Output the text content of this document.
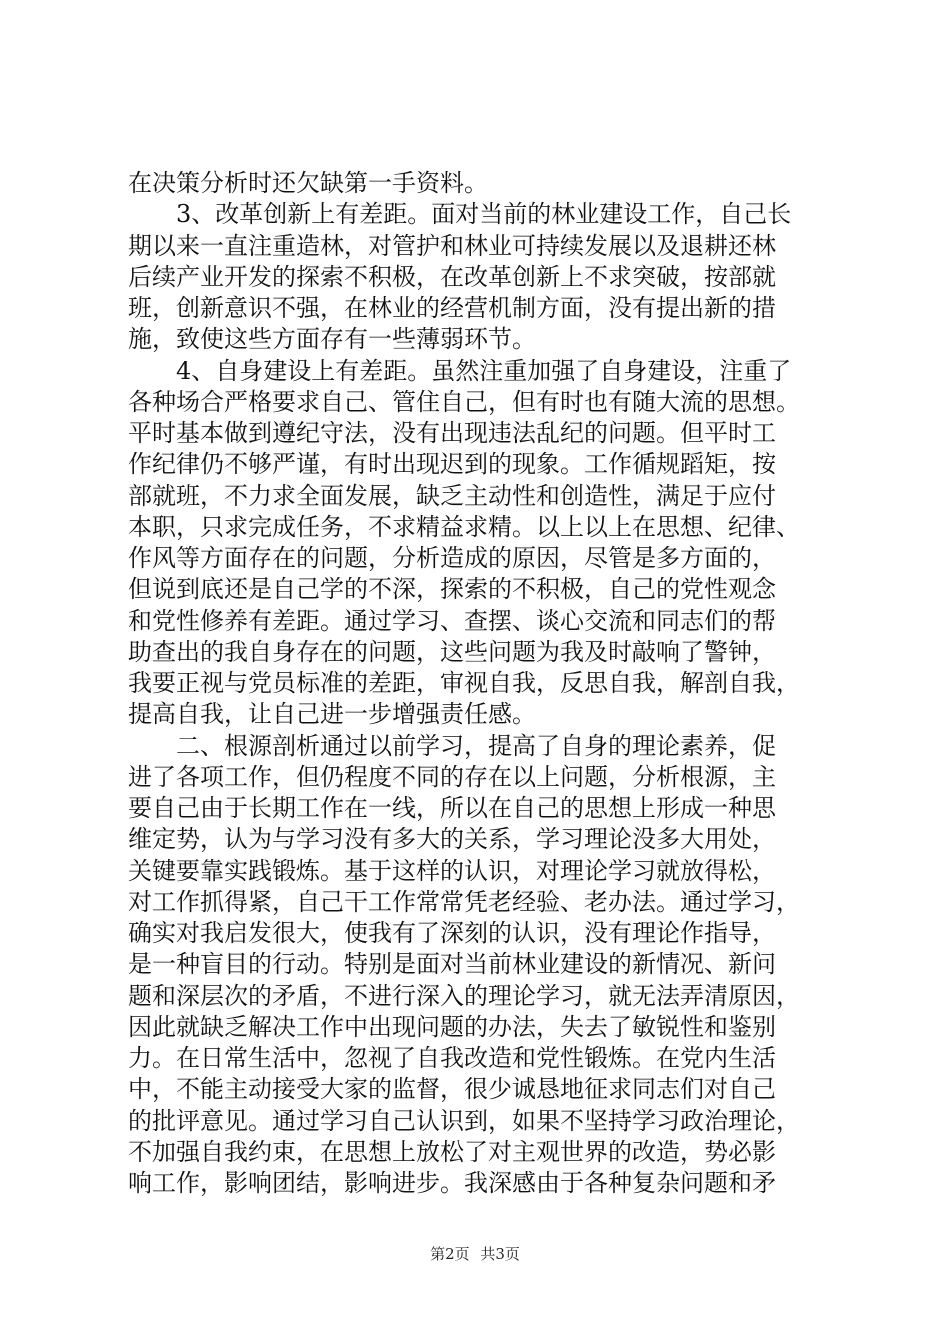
在决策分析时还欠缺第一手资料。
　　3、改革创新上有差距。面对当前的林业建设工作，自己长
期以来一直注重造林，对管护和林业可持续发展以及退耕还林
后续产业开发的探索不积极，在改革创新上不求突破，按部就
班，创新意识不强，在林业的经营机制方面，没有提出新的措
施，致使这些方面存有一些薄弱环节。
　　4、自身建设上有差距。虽然注重加强了自身建设，注重了
各种场合严格要求自己、管住自己，但有时也有随大流的思想。
平时基本做到遵纪守法，没有出现违法乱纪的问题。但平时工
作纪律仍不够严谨，有时出现迟到的现象。工作循规蹈矩，按
部就班，不力求全面发展，缺乏主动性和创造性，满足于应付
本职，只求完成任务，不求精益求精。以上以上在思想、纪律、
作风等方面存在的问题，分析造成的原因，尽管是多方面的，
但说到底还是自己学的不深，探索的不积极，自己的党性观念
和党性修养有差距。通过学习、查摆、谈心交流和同志们的帮
助查出的我自身存在的问题，这些问题为我及时敲响了警钟，
我要正视与党员标准的差距，审视自我，反思自我，解剖自我，
提高自我，让自己进一步增强责任感。
　　二、根源剖析通过以前学习，提高了自身的理论素养，促
进了各项工作，但仍程度不同的存在以上问题，分析根源，主
要自己由于长期工作在一线，所以在自己的思想上形成一种思
维定势，认为与学习没有多大的关系，学习理论没多大用处，
关键要靠实践锻炼。基于这样的认识，对理论学习就放得松，
对工作抓得紧，自己干工作常常凭老经验、老办法。通过学习，
确实对我启发很大，使我有了深刻的认识，没有理论作指导，
是一种盲目的行动。特别是面对当前林业建设的新情况、新问
题和深层次的矛盾，不进行深入的理论学习，就无法弄清原因，
因此就缺乏解决工作中出现问题的办法，失去了敏锐性和鉴别
力。在日常生活中，忽视了自我改造和党性锻炼。在党内生活
中，不能主动接受大家的监督，很少诚恳地征求同志们对自己
的批评意见。通过学习自己认识到，如果不坚持学习政治理论，
不加强自我约束，在思想上放松了对主观世界的改造，势必影
响工作，影响团结，影响进步。我深感由于各种复杂问题和矛
第2页 共3页
